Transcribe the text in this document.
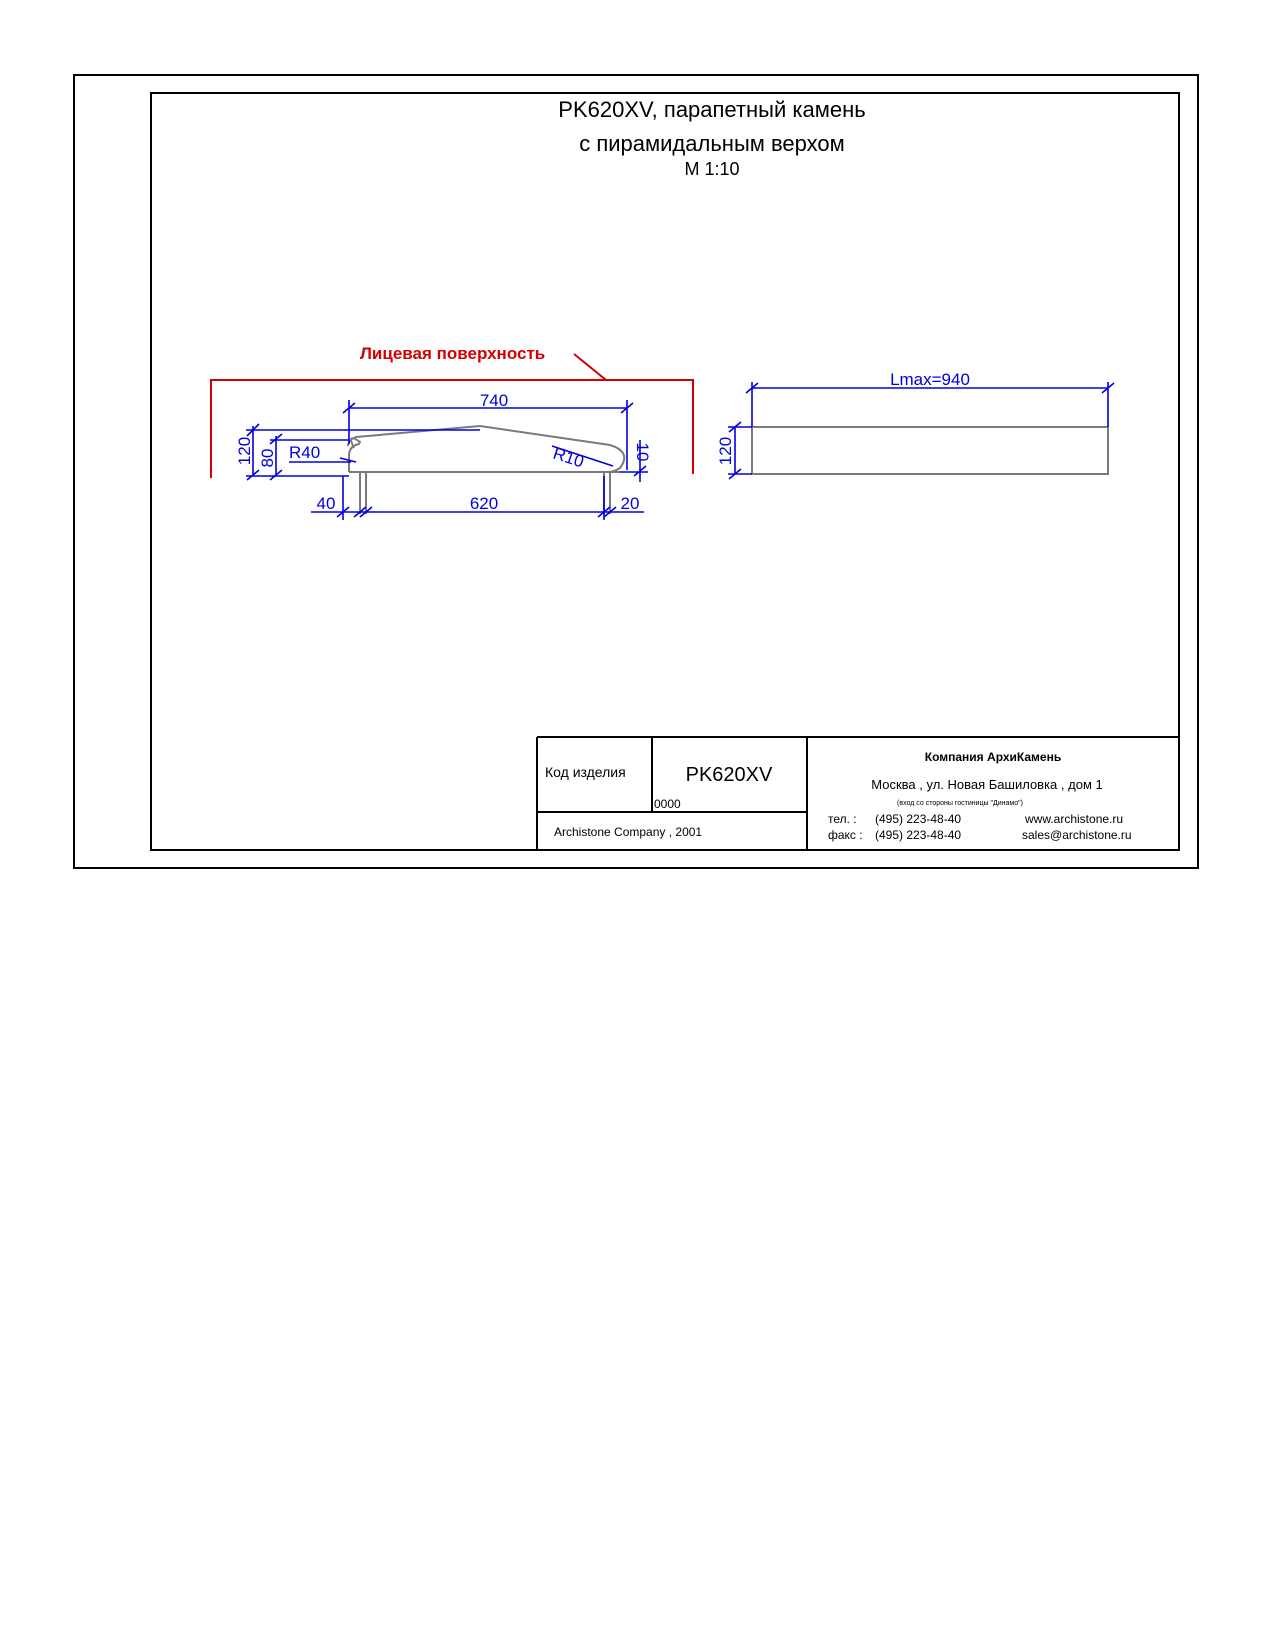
PK620XV, парапетный камень
с пирамидальным верхом
М 1:10
Лицевая поверхность
740
120 80 R40	R10	10
40	620	20
Lmax=940
120
Код изделия	PK620XV
0000
Archistone Company , 2001
Компания АрхиКамень
Москва , ул. Новая Башиловка , дом 1
(вход со стороны гостиницы "Динамо")
тел. : (495) 223-48-40
факс : (495) 223-48-40
www.archistone.ru
sales@archistone.ru
